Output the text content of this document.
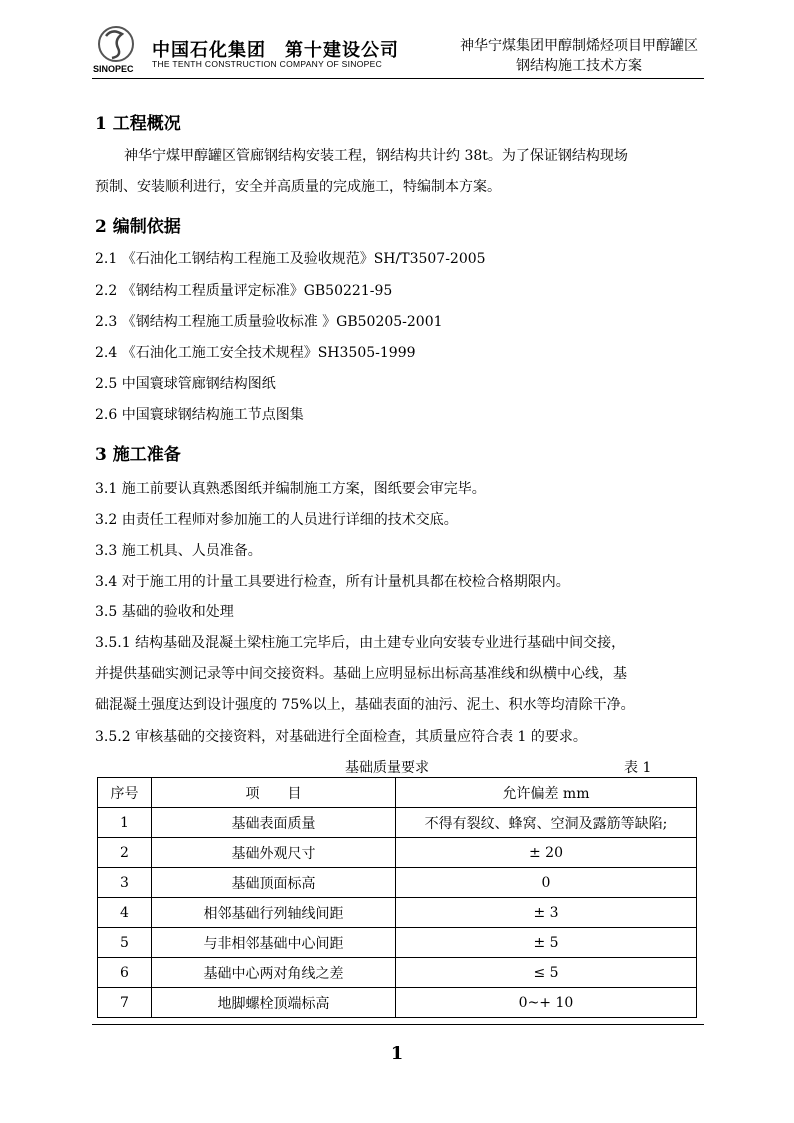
SINOPEC
中国石化集团　第十建设公司
THE TENTH CONSTRUCTION COMPANY OF SINOPEC
神华宁煤集团甲醇制烯烃项目甲醇罐区
钢结构施工技术方案
1 工程概况
神华宁煤甲醇罐区管廊钢结构安装工程，钢结构共计约 38t。为了保证钢结构现场
预制、安装顺利进行，安全并高质量的完成施工，特编制本方案。
2 编制依据
2.1 《石油化工钢结构工程施工及验收规范》SH/T3507-2005
2.2 《钢结构工程质量评定标准》GB50221-95
2.3 《钢结构工程施工质量验收标准 》GB50205-2001
2.4 《石油化工施工安全技术规程》SH3505-1999
2.5 中国寰球管廊钢结构图纸
2.6 中国寰球钢结构施工节点图集
3 施工准备
3.1 施工前要认真熟悉图纸并编制施工方案，图纸要会审完毕。
3.2 由责任工程师对参加施工的人员进行详细的技术交底。
3.3 施工机具、人员准备。
3.4 对于施工用的计量工具要进行检查，所有计量机具都在校检合格期限内。
3.5 基础的验收和处理
3.5.1 结构基础及混凝土梁柱施工完毕后，由土建专业向安装专业进行基础中间交接，
并提供基础实测记录等中间交接资料。基础上应明显标出标高基准线和纵横中心线，基
础混凝土强度达到设计强度的 75%以上，基础表面的油污、泥土、积水等均清除干净。
3.5.2 审核基础的交接资料，对基础进行全面检查，其质量应符合表 1 的要求。
基础质量要求	表 1
序号	项　　目	允许偏差 mm
1	基础表面质量	不得有裂纹、蜂窝、空洞及露筋等缺陷;
2	基础外观尺寸	± 20
3	基础顶面标高	0
4	相邻基础行列轴线间距	± 3
5	与非相邻基础中心间距	± 5
6	基础中心两对角线之差	≤ 5
7	地脚螺栓顶端标高	0~+ 10
1
